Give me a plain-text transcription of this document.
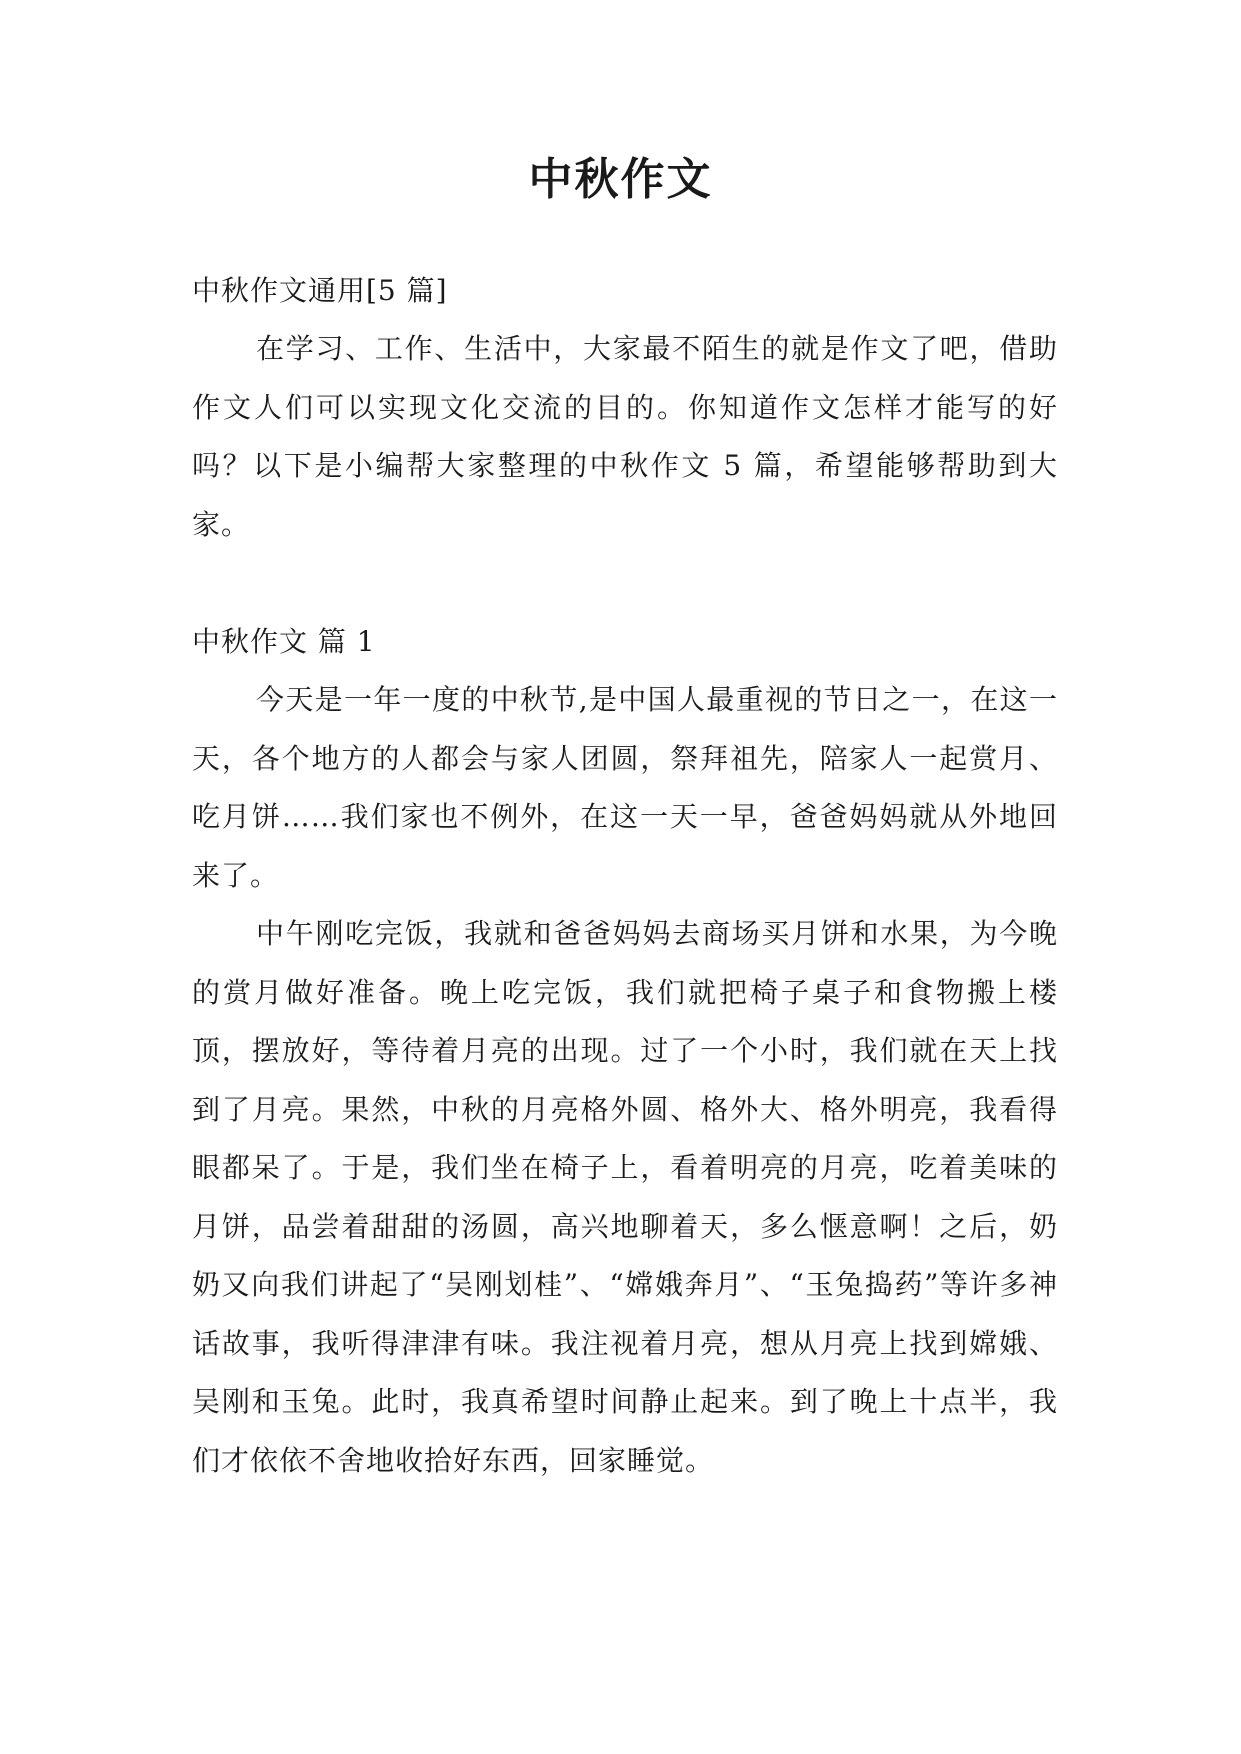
中秋作文

中秋作文通用[5 篇]

在学习、工作、生活中，大家最不陌生的就是作文了吧，借助作文人们可以实现文化交流的目的。你知道作文怎样才能写的好吗？以下是小编帮大家整理的中秋作文 5 篇，希望能够帮助到大家。

中秋作文 篇 1

今天是一年一度的中秋节,是中国人最重视的节日之一，在这一天，各个地方的人都会与家人团圆，祭拜祖先，陪家人一起赏月、吃月饼……我们家也不例外，在这一天一早，爸爸妈妈就从外地回来了。

中午刚吃完饭，我就和爸爸妈妈去商场买月饼和水果，为今晚的赏月做好准备。晚上吃完饭，我们就把椅子桌子和食物搬上楼顶，摆放好，等待着月亮的出现。过了一个小时，我们就在天上找到了月亮。果然，中秋的月亮格外圆、格外大、格外明亮，我看得眼都呆了。于是，我们坐在椅子上，看着明亮的月亮，吃着美味的月饼，品尝着甜甜的汤圆，高兴地聊着天，多么惬意啊！之后，奶奶又向我们讲起了“吴刚划桂”、“嫦娥奔月”、“玉兔捣药”等许多神话故事，我听得津津有味。我注视着月亮，想从月亮上找到嫦娥、吴刚和玉兔。此时，我真希望时间静止起来。到了晚上十点半，我们才依依不舍地收拾好东西，回家睡觉。
